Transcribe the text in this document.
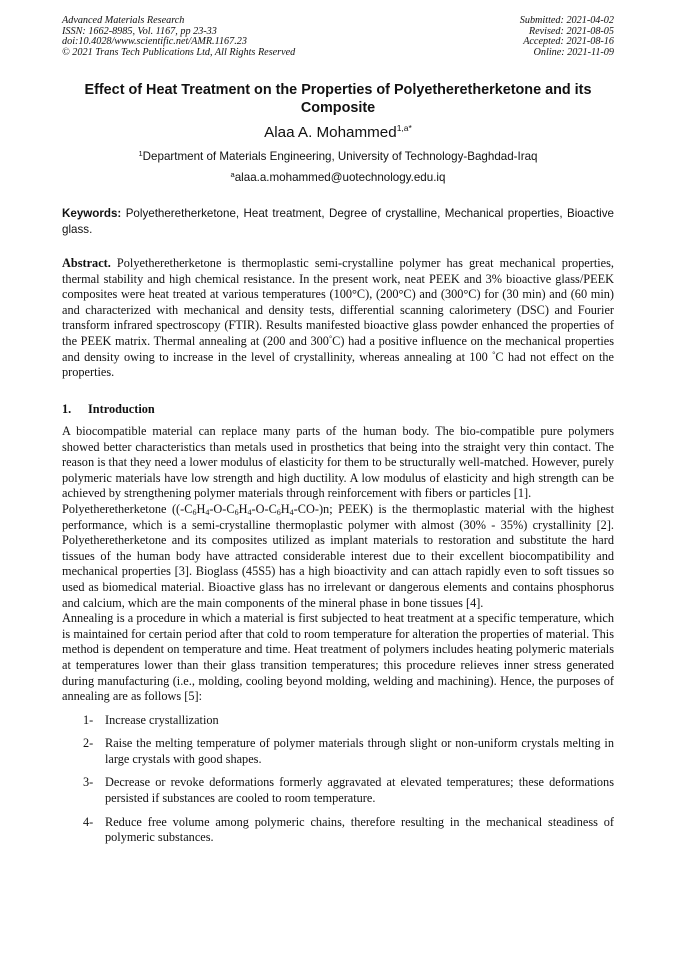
Advanced Materials Research
ISSN: 1662-8985, Vol. 1167, pp 23-33
doi:10.4028/www.scientific.net/AMR.1167.23
© 2021 Trans Tech Publications Ltd, All Rights Reserved
Submitted: 2021-04-02
Revised: 2021-08-05
Accepted: 2021-08-16
Online: 2021-11-09
Effect of Heat Treatment on the Properties of Polyetheretherketone and its Composite
Alaa A. Mohammed$^{1,a*}$
$^1$Department of Materials Engineering, University of Technology-Baghdad-Iraq
$^a$alaa.a.mohammed@uotechnology.edu.iq
Keywords: Polyetheretherketone, Heat treatment, Degree of crystalline, Mechanical properties, Bioactive glass.
Abstract. Polyetheretherketone is thermoplastic semi-crystalline polymer has great mechanical properties, thermal stability and high chemical resistance. In the present work, neat PEEK and 3% bioactive glass/PEEK composites were heat treated at various temperatures (100°C), (200°C) and (300°C) for (30 min) and (60 min) and characterized with mechanical and density tests, differential scanning calorimetery (DSC) and Fourier transform infrared spectroscopy (FTIR). Results manifested bioactive glass powder enhanced the properties of the PEEK matrix. Thermal annealing at (200 and 300°C) had a positive influence on the mechanical properties and density owing to increase in the level of crystallinity, whereas annealing at 100 °C had not effect on the properties.
1. Introduction

A biocompatible material can replace many parts of the human body. The bio-compatible pure polymers showed better characteristics than metals used in prosthetics that being into the straight very thin contact. The reason is that they need a lower modulus of elasticity for them to be structurally well-matched. However, purely polymeric materials have low strength and high ductility. A low modulus of elasticity and high strength can be achieved by strengthening polymer materials through reinforcement with fibers or particles [1].

Polyetheretherketone ($(-C_6H_4-O-C_6H_4-O-C_6H_4-CO-)n$; PEEK) is the thermoplastic material with the highest performance, which is a semi-crystalline thermoplastic polymer with almost (30% - 35%) crystallinity [2]. Polyetheretherketone and its composites utilized as implant materials to restoration and substitute the hard tissues of the human body have attracted considerable interest due to their excellent biocompatibility and mechanical properties [3]. Bioglass (45S5) has a high bioactivity and can attach rapidly even to soft tissues so used as biomedical material. Bioactive glass has no irrelevant or dangerous elements and contains phosphorus and calcium, which are the main components of the mineral phase in bone tissues [4].

Annealing is a procedure in which a material is first subjected to heat treatment at a specific temperature, which is maintained for certain period after that cold to room temperature for alteration the properties of material. This method is dependent on temperature and time. Heat treatment of polymers includes heating polymeric materials at temperatures lower than their glass transition temperatures; this procedure relieves inner stress generated during manufacturing (i.e., molding, cooling beyond molding, welding and machining). Hence, the purposes of annealing are as follows [5]:

1- Increase crystallization
2- Raise the melting temperature of polymer materials through slight or non-uniform crystals melting in large crystals with good shapes.
3- Decrease or revoke deformations formerly aggravated at elevated temperatures; these deformations persisted if substances are cooled to room temperature.
4- Reduce free volume among polymeric chains, therefore resulting in the mechanical steadiness of polymeric substances.
